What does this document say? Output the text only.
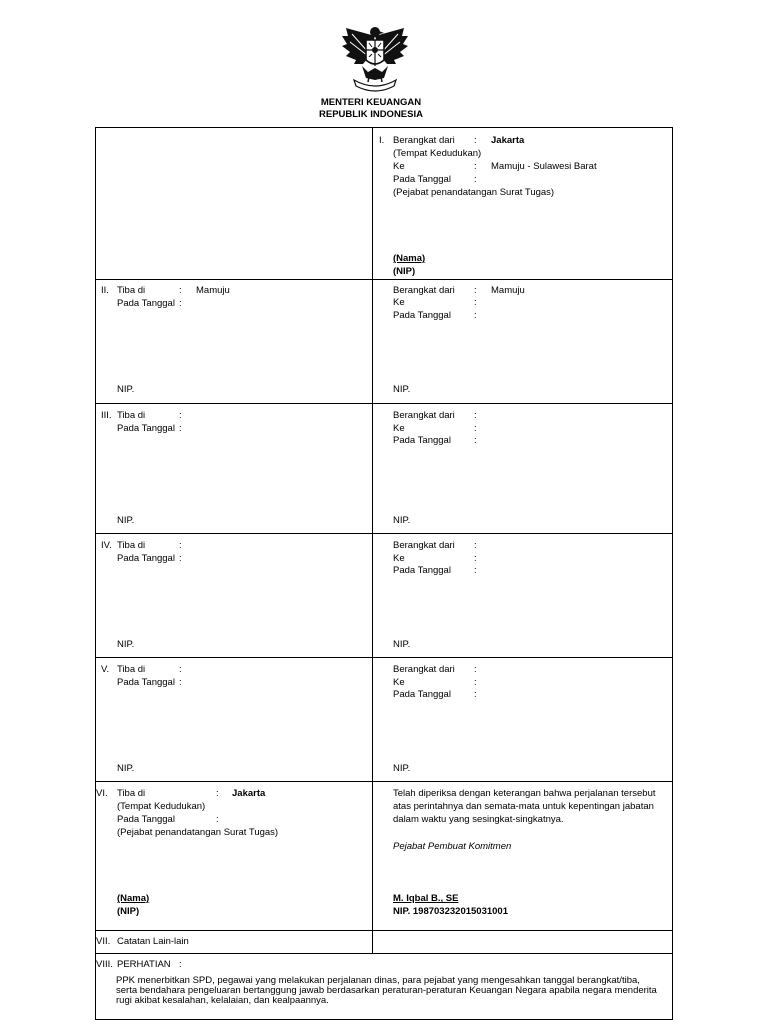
MENTERI KEUANGAN
REPUBLIK INDONESIA
I. Berangkat dari : Jakarta
(Tempat Kedudukan)
Ke	: Mamuju - Sulawesi Barat
Pada Tanggal :
(Pejabat penandatangan Surat Tugas)
(Nama)
(NIP)
II. Tiba di	: Mamuju
Pada Tanggal :
NIP.
Berangkat dari : Mamuju
Ke	:
Pada Tanggal :
NIP.
III. Tiba di	:
Pada Tanggal :
NIP.
Berangkat dari :
Ke	:
Pada Tanggal :
NIP.
IV. Tiba di	:
Pada Tanggal :
NIP.
Berangkat dari :
Ke	:
Pada Tanggal :
NIP.
V. Tiba di	:
Pada Tanggal :
NIP.
Berangkat dari :
Ke	:
Pada Tanggal :
NIP.
VI. Tiba di	: Jakarta
(Tempat Kedudukan)
Pada Tanggal	:
(Pejabat penandatangan Surat Tugas)
(Nama)
(NIP)
Telah diperiksa dengan keterangan bahwa perjalanan tersebut
atas perintahnya dan semata-mata untuk kepentingan jabatan
dalam waktu yang sesingkat-singkatnya.
Pejabat Pembuat Komitmen
M. Iqbal B., SE
NIP. 198703232015031001
VII. Catatan Lain-lain
VIII. PERHATIAN :
PPK menerbitkan SPD, pegawai yang melakukan perjalanan dinas, para pejabat yang mengesahkan tanggal berangkat/tiba, serta bendahara pengeluaran bertanggung jawab berdasarkan peraturan-peraturan Keuangan Negara apabila negara menderita rugi akibat kesalahan, kelalaian, dan kealpaannya.
